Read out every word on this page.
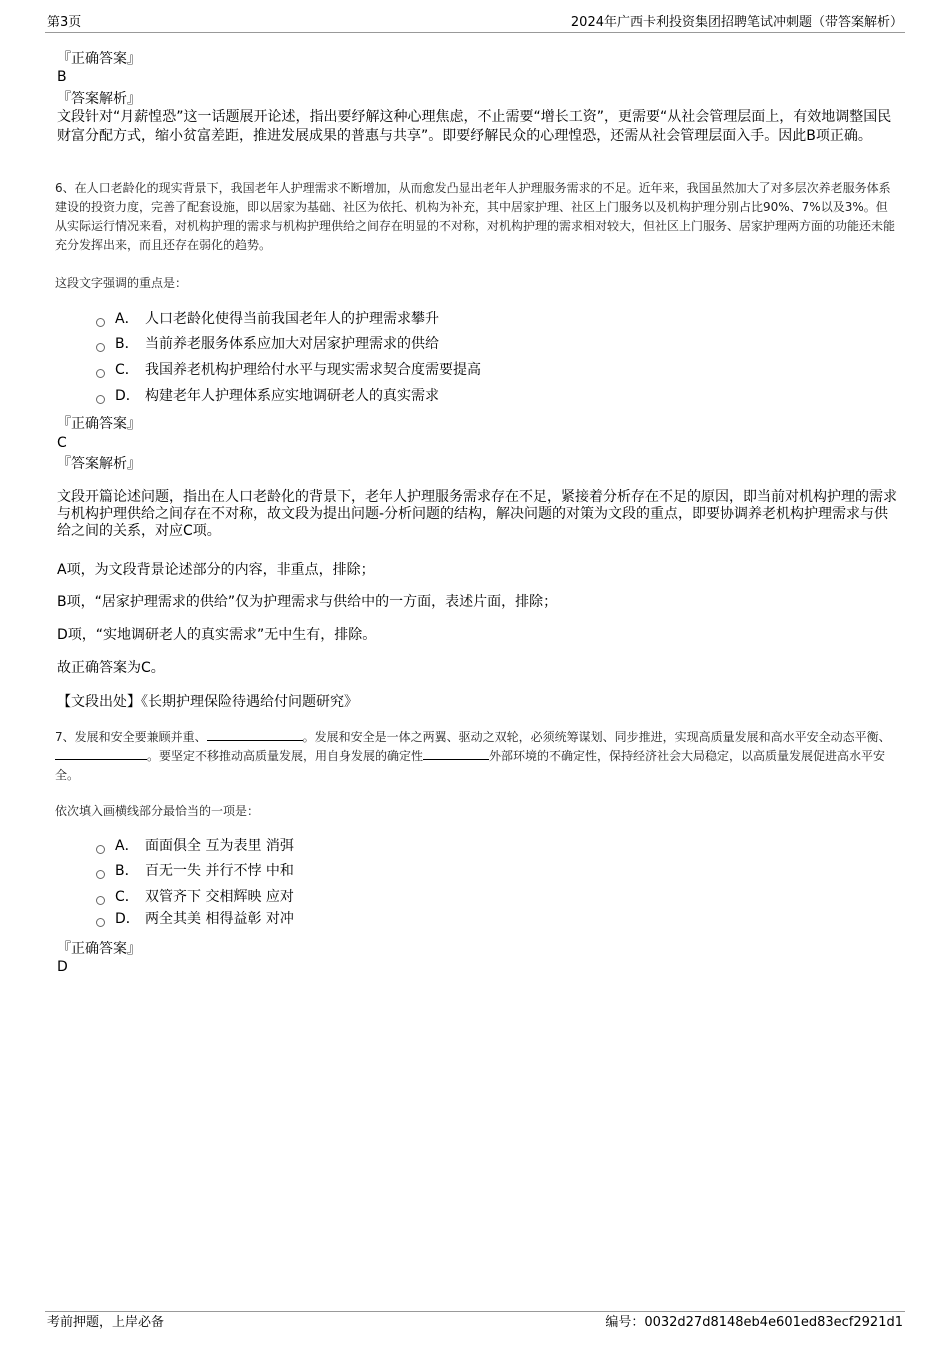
第3页	2024年广西卡利投资集团招聘笔试冲刺题（带答案解析）
『正确答案』
B
『答案解析』
文段针对“月薪惶恐”这一话题展开论述，指出要纾解这种心理焦虑，不止需要“增长工资”，更需要“从社会管理层面上，有效地调整国民财富分配方式，缩小贫富差距，推进发展成果的普惠与共享”。即要纾解民众的心理惶恐，还需从社会管理层面入手。因此B项正确。
6、在人口老龄化的现实背景下，我国老年人护理需求不断增加，从而愈发凸显出老年人护理服务需求的不足。近年来，我国虽然加大了对多层次养老服务体系建设的投资力度，完善了配套设施，即以居家为基础、社区为依托、机构为补充，其中居家护理、社区上门服务以及机构护理分别占比90%、7%以及3%。但从实际运行情况来看，对机构护理的需求与机构护理供给之间存在明显的不对称，对机构护理的需求相对较大，但社区上门服务、居家护理两方面的功能还未能充分发挥出来，而且还存在弱化的趋势。
这段文字强调的重点是：
A． 人口老龄化使得当前我国老年人的护理需求攀升
B． 当前养老服务体系应加大对居家护理需求的供给
C． 我国养老机构护理给付水平与现实需求契合度需要提高
D． 构建老年人护理体系应实地调研老人的真实需求
『正确答案』
C
『答案解析』
文段开篇论述问题，指出在人口老龄化的背景下，老年人护理服务需求存在不足，紧接着分析存在不足的原因，即当前对机构护理的需求与机构护理供给之间存在不对称，故文段为提出问题-分析问题的结构，解决问题的对策为文段的重点，即要协调养老机构护理需求与供给之间的关系，对应C项。
A项，为文段背景论述部分的内容，非重点，排除；
B项，“居家护理需求的供给”仅为护理需求与供给中的一方面，表述片面，排除；
D项，“实地调研老人的真实需求”无中生有，排除。
故正确答案为C。
【文段出处】《长期护理保险待遇给付问题研究》
7、发展和安全要兼顾并重、	。发展和安全是一体之两翼、驱动之双轮，必须统筹谋划、同步推进，实现高质量发展和高水平安全动态平衡、。要坚定不移推动高质量发展，用自身发展的确定性	外部环境的不确定性，保持经济社会大局稳定，以高质量发展促进高水平安全。
依次填入画横线部分最恰当的一项是：
A． 面面俱全 互为表里 消弭
B． 百无一失 并行不悖 中和
C． 双管齐下 交相辉映 应对
D． 两全其美 相得益彰 对冲
『正确答案』
D
考前押题，上岸必备	编号：0032d27d8148eb4e601ed83ecf2921d1
